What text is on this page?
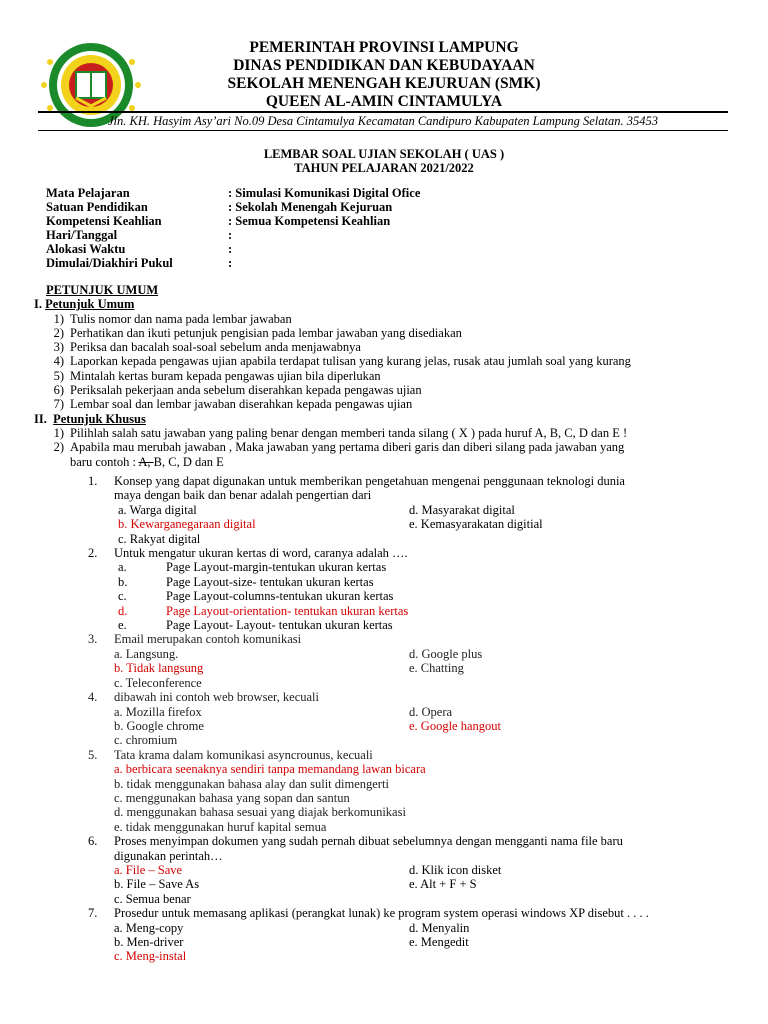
PEMERINTAH PROVINSI LAMPUNG
DINAS PENDIDIKAN DAN KEBUDAYAAN
SEKOLAH MENENGAH KEJURUAN (SMK)
QUEEN AL-AMIN CINTAMULYA
Jln. KH. Hasyim Asy’ari No.09 Desa Cintamulya Kecamatan Candipuro Kabupaten Lampung Selatan. 35453
LEMBAR SOAL UJIAN SEKOLAH ( UAS )
TAHUN PELAJARAN 2021/2022
Mata Pelajaran	: Simulasi Komunikasi Digital Ofice
Satuan Pendidikan	: Sekolah Menengah Kejuruan
Kompetensi Keahlian	: Semua Kompetensi Keahlian
Hari/Tanggal	:
Alokasi Waktu	:
Dimulai/Diakhiri Pukul	:
PETUNJUK UMUM
I. Petunjuk Umum
1) Tulis nomor dan nama pada lembar jawaban
2) Perhatikan dan ikuti petunjuk pengisian pada lembar jawaban yang disediakan
3) Periksa dan bacalah soal-soal sebelum anda menjawabnya
4) Laporkan kepada pengawas ujian apabila terdapat tulisan yang kurang jelas, rusak atau jumlah soal yang kurang
5) Mintalah kertas buram kepada pengawas ujian bila diperlukan
6) Periksalah pekerjaan anda sebelum diserahkan kepada pengawas ujian
7) Lembar soal dan lembar jawaban diserahkan kepada pengawas ujian
II. Petunjuk Khusus
1) Pilihlah salah satu jawaban yang paling benar dengan memberi tanda silang ( X ) pada huruf A, B, C, D dan E !
2) Apabila mau merubah jawaban , Maka jawaban yang pertama diberi garis dan diberi silang pada jawaban yang
baru contoh : A, B, C, D dan E
1.	Konsep yang dapat digunakan untuk memberikan pengetahuan mengenai penggunaan teknologi dunia
maya dengan baik dan benar adalah pengertian dari
a. Warga digital	d. Masyarakat digital
b. Kewarganegaraan digital	e. Kemasyarakatan digitial
c. Rakyat digital
2.	Untuk mengatur ukuran kertas di word, caranya adalah ….
a.	Page Layout-margin-tentukan ukuran kertas
b.	Page Layout-size- tentukan ukuran kertas
c.	Page Layout-columns-tentukan ukuran kertas
d.	Page Layout-orientation- tentukan ukuran kertas
e.	Page Layout- Layout- tentukan ukuran kertas
3.	Email merupakan contoh komunikasi
a. Langsung.	d. Google plus
b. Tidak langsung	e. Chatting
c. Teleconference
4.	dibawah ini contoh web browser, kecuali
a. Mozilla firefox	d. Opera
b. Google chrome	e. Google hangout
c. chromium
5.	Tata krama dalam komunikasi asyncrounus, kecuali
a. berbicara seenaknya sendiri tanpa memandang lawan bicara
b. tidak menggunakan bahasa alay dan sulit dimengerti
c. menggunakan bahasa yang sopan dan santun
d. menggunakan bahasa sesuai yang diajak berkomunikasi
e. tidak menggunakan huruf kapital semua
6.	Proses menyimpan dokumen yang sudah pernah dibuat sebelumnya dengan mengganti nama file baru
digunakan perintah…
a. File – Save	d. Klik icon disket
b. File – Save As	e. Alt + F + S
c. Semua benar
7.	Prosedur untuk memasang aplikasi (perangkat lunak) ke program system operasi windows XP disebut . . . .
a. Meng-copy	d. Menyalin
b. Men-driver	e. Mengedit
c. Meng-instal
